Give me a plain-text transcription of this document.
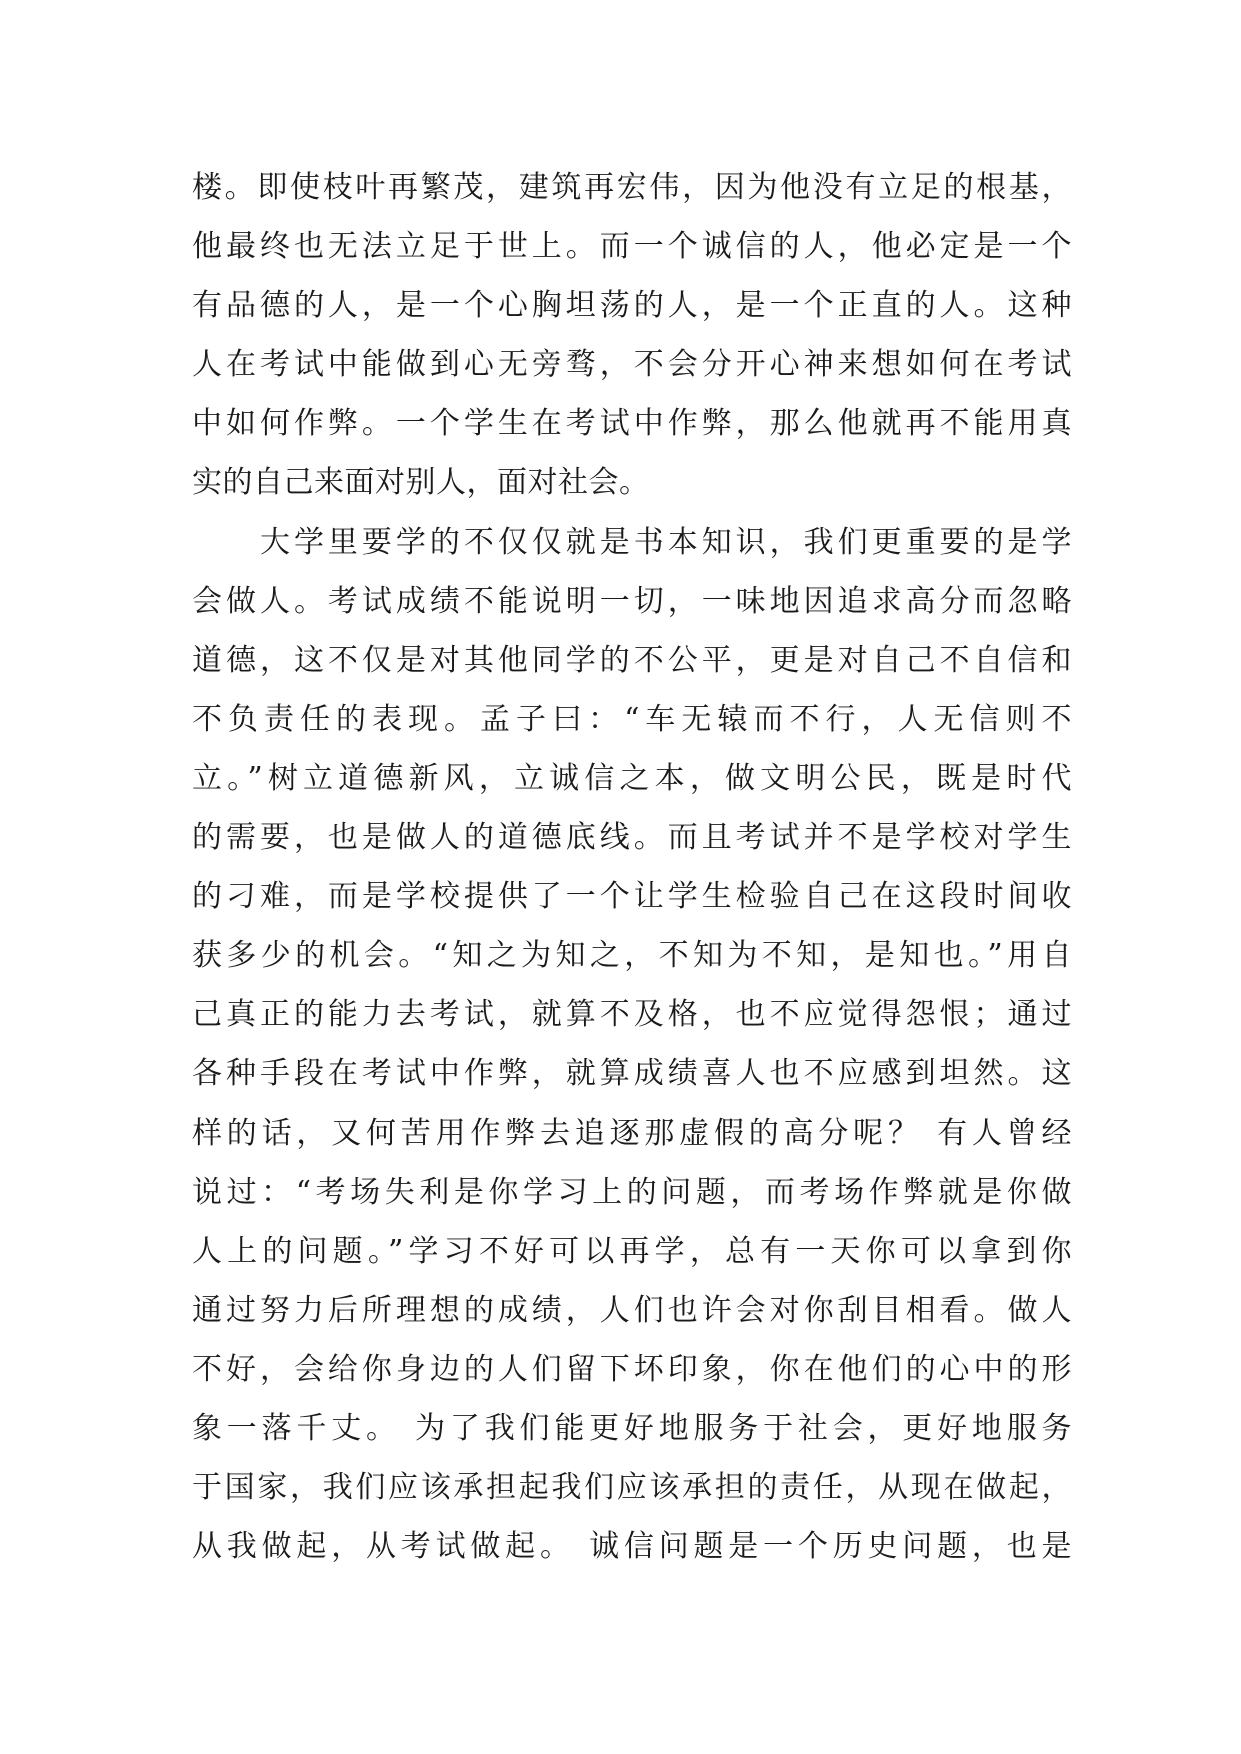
楼。即使枝叶再繁茂，建筑再宏伟，因为他没有立足的根基，
他最终也无法立足于世上。而一个诚信的人，他必定是一个
有品德的人，是一个心胸坦荡的人，是一个正直的人。这种
人在考试中能做到心无旁骛，不会分开心神来想如何在考试
中如何作弊。一个学生在考试中作弊，那么他就再不能用真
实的自己来面对别人，面对社会。
　　大学里要学的不仅仅就是书本知识，我们更重要的是学
会做人。考试成绩不能说明一切，一味地因追求高分而忽略
道德，这不仅是对其他同学的不公平，更是对自己不自信和
不负责任的表现。孟子曰：“车无辕而不行，人无信则不
立。”树立道德新风，立诚信之本，做文明公民，既是时代
的需要，也是做人的道德底线。而且考试并不是学校对学生
的刁难，而是学校提供了一个让学生检验自己在这段时间收
获多少的机会。“知之为知之，不知为不知，是知也。”用自
己真正的能力去考试，就算不及格，也不应觉得怨恨；通过
各种手段在考试中作弊，就算成绩喜人也不应感到坦然。这
样的话，又何苦用作弊去追逐那虚假的高分呢？ 有人曾经
说过：“考场失利是你学习上的问题，而考场作弊就是你做
人上的问题。”学习不好可以再学，总有一天你可以拿到你
通过努力后所理想的成绩，人们也许会对你刮目相看。做人
不好，会给你身边的人们留下坏印象，你在他们的心中的形
象一落千丈。 为了我们能更好地服务于社会，更好地服务
于国家，我们应该承担起我们应该承担的责任，从现在做起，
从我做起，从考试做起。 诚信问题是一个历史问题，也是
